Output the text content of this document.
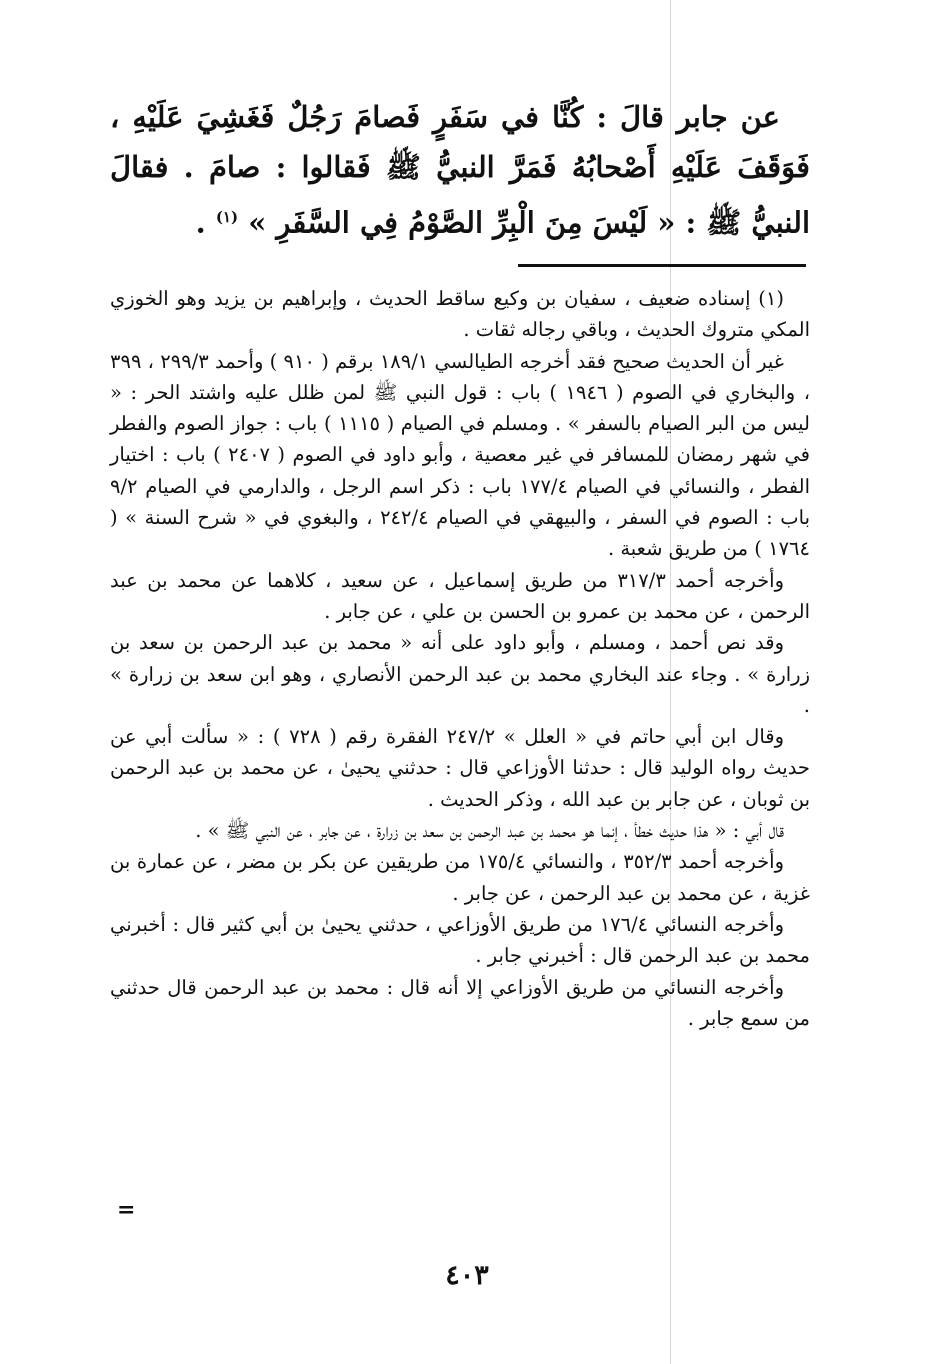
عن جابر قالَ : كُنَّا في سَفَرٍ فَصامَ رَجُلٌ فَغَشِيَ عَلَيْهِ ، فَوَقَفَ عَلَيْهِ أَصْحابُهُ فَمَرَّ النبيُّ ﷺ فَقالوا : صامَ . فقالَ النبيُّ ﷺ : « لَيْسَ مِنَ الْبِرِّ الصَّوْمُ فِي السَّفَرِ » $^{(١)}$ .

(١) إسناده ضعيف ، سفيان بن وكيع ساقط الحديث ، وإبراهيم بن يزيد وهو الخوزي المكي متروك الحديث ، وباقي رجاله ثقات .

غير أن الحديث صحيح فقد أخرجه الطيالسي ١٨٩/١ برقم ( ٩١٠ ) وأحمد ٢٩٩/٣ ، ٣٩٩ ، والبخاري في الصوم ( ١٩٤٦ ) باب : قول النبي ﷺ لمن ظلل عليه واشتد الحر : « ليس من البر الصيام بالسفر » . ومسلم في الصيام ( ١١١٥ ) باب : جواز الصوم والفطر في شهر رمضان للمسافر في غير معصية ، وأبو داود في الصوم ( ٢٤٠٧ ) باب : اختيار الفطر ، والنسائي في الصيام ١٧٧/٤ باب : ذكر اسم الرجل ، والدارمي في الصيام ٩/٢ باب : الصوم في السفر ، والبيهقي في الصيام ٢٤٢/٤ ، والبغوي في « شرح السنة » ( ١٧٦٤ ) من طريق شعبة .

وأخرجه أحمد ٣١٧/٣ من طريق إسماعيل ، عن سعيد ، كلاهما عن محمد بن عبد الرحمن ، عن محمد بن عمرو بن الحسن بن علي ، عن جابر .

وقد نص أحمد ، ومسلم ، وأبو داود على أنه « محمد بن عبد الرحمن بن سعد بن زرارة » . وجاء عند البخاري محمد بن عبد الرحمن الأنصاري ، وهو ابن سعد بن زرارة » .

وقال ابن أبي حاتم في « العلل » ٢٤٧/٢ الفقرة رقم ( ٧٢٨ ) : « سألت أبي عن حديث رواه الوليد قال : حدثنا الأوزاعي قال : حدثني يحيىٰ ، عن محمد بن عبد الرحمن بن ثوبان ، عن جابر بن عبد الله ، وذكر الحديث .

قال أبي : « هذا حديث خطأ ، إنما هو محمد بن عبد الرحمن بن سعد بن زرارة ، عن جابر ، عن النبي ﷺ » .

وأخرجه أحمد ٣٥٢/٣ ، والنسائي ١٧٥/٤ من طريقين عن بكر بن مضر ، عن عمارة بن غزية ، عن محمد بن عبد الرحمن ، عن جابر .

وأخرجه النسائي ١٧٦/٤ من طريق الأوزاعي ، حدثني يحيىٰ بن أبي كثير قال : أخبرني محمد بن عبد الرحمن قال : أخبرني جابر .

وأخرجه النسائي من طريق الأوزاعي إلا أنه قال : محمد بن عبد الرحمن قال حدثني من سمع جابر .

=
٤٠٣
